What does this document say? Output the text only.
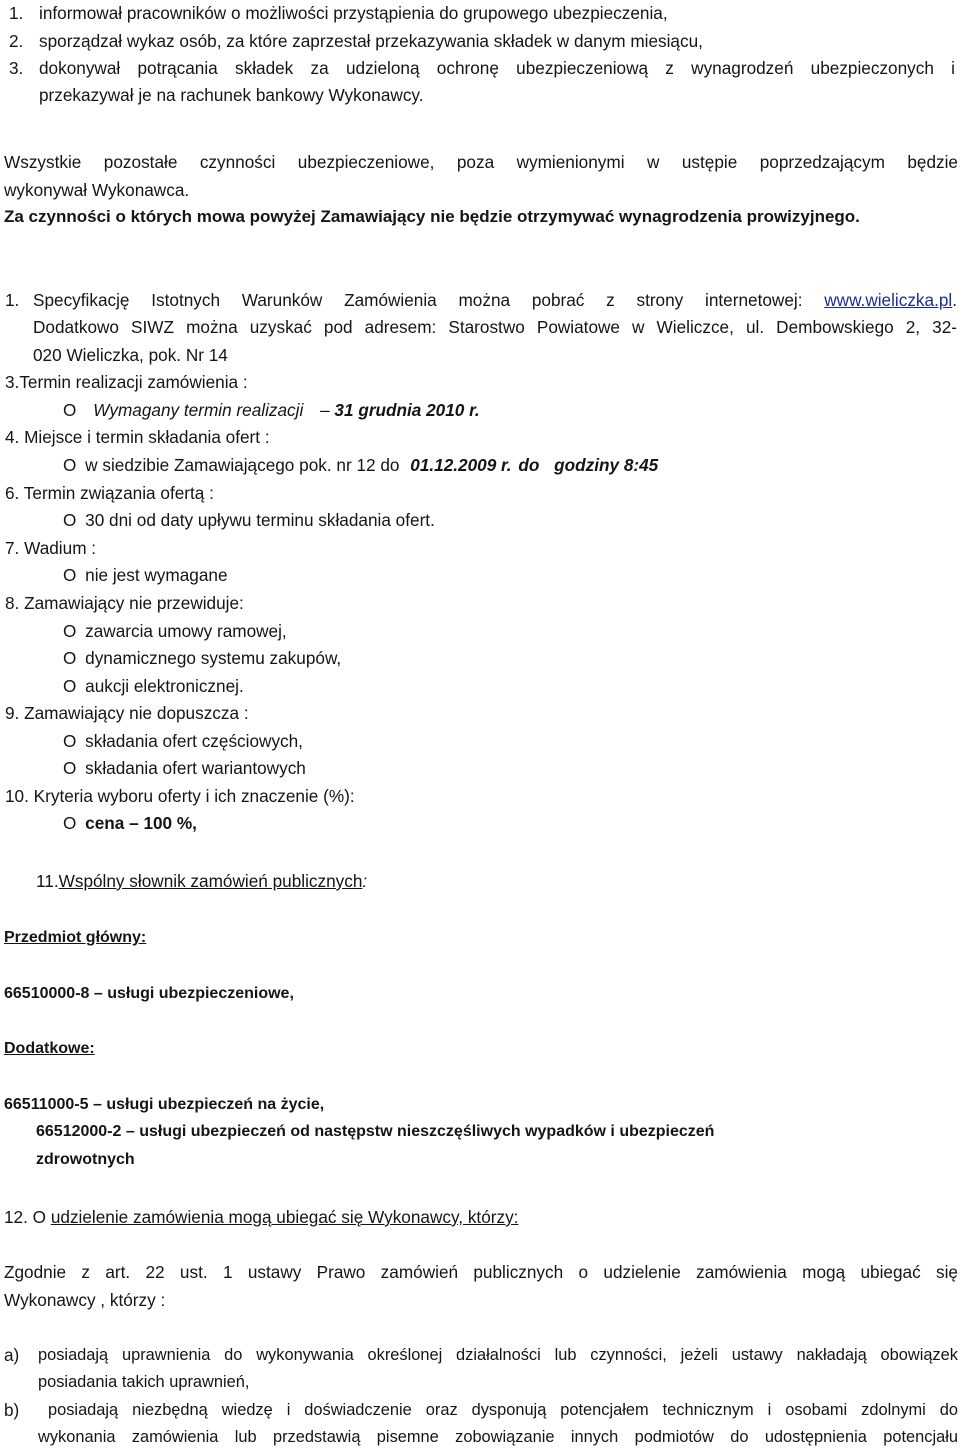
1. informował pracowników o możliwości przystąpienia do grupowego ubezpieczenia,
2. sporządzał wykaz osób, za które zaprzestał przekazywania składek w danym miesiącu,
3. dokonywał potrącania składek za udzieloną ochronę ubezpieczeniową z wynagrodzeń ubezpieczonych i
przekazywał je na rachunek bankowy Wykonawcy.
Wszystkie pozostałe czynności ubezpieczeniowe, poza wymienionymi w ustępie poprzedzającym będzie
wykonywał Wykonawca.
Za czynności o których mowa powyżej Zamawiający nie będzie otrzymywać wynagrodzenia prowizyjnego.
1. Specyfikację Istotnych Warunków Zamówienia można pobrać z strony internetowej: www.wieliczka.pl.
Dodatkowo SIWZ można uzyskać pod adresem: Starostwo Powiatowe w Wieliczce, ul. Dembowskiego 2, 32-
020 Wieliczka, pok. Nr 14
3.Termin realizacji zamówienia :
O Wymagany termin realizacji – 31 grudnia 2010 r.
4. Miejsce i termin składania ofert :
O w siedzibie Zamawiającego pok. nr 12 do 01.12.2009 r. do godziny 8:45
6. Termin związania ofertą :
O 30 dni od daty upływu terminu składania ofert.
7. Wadium :
O nie jest wymagane
8. Zamawiający nie przewiduje:
O zawarcia umowy ramowej,
O dynamicznego systemu zakupów,
O aukcji elektronicznej.
9. Zamawiający nie dopuszcza :
O składania ofert częściowych,
O składania ofert wariantowych
10. Kryteria wyboru oferty i ich znaczenie (%):
O cena – 100 %,
11.Wspólny słownik zamówień publicznych:
Przedmiot główny:
66510000-8 – usługi ubezpieczeniowe,
Dodatkowe:
66511000-5 – usługi ubezpieczeń na życie,
66512000-2 – usługi ubezpieczeń od następstw nieszczęśliwych wypadków i ubezpieczeń
zdrowotnych
12. O udzielenie zamówienia mogą ubiegać się Wykonawcy, którzy:
Zgodnie z art. 22 ust. 1 ustawy Prawo zamówień publicznych o udzielenie zamówienia mogą ubiegać się
Wykonawcy , którzy :
a)	posiadają uprawnienia do wykonywania określonej działalności lub czynności, jeżeli ustawy nakładają obowiązek
posiadania takich uprawnień,
b)	posiadają niezbędną wiedzę i doświadczenie oraz dysponują potencjałem technicznym i osobami zdolnymi do
wykonania zamówienia lub przedstawią pisemne zobowiązanie innych podmiotów do udostępnienia potencjału
